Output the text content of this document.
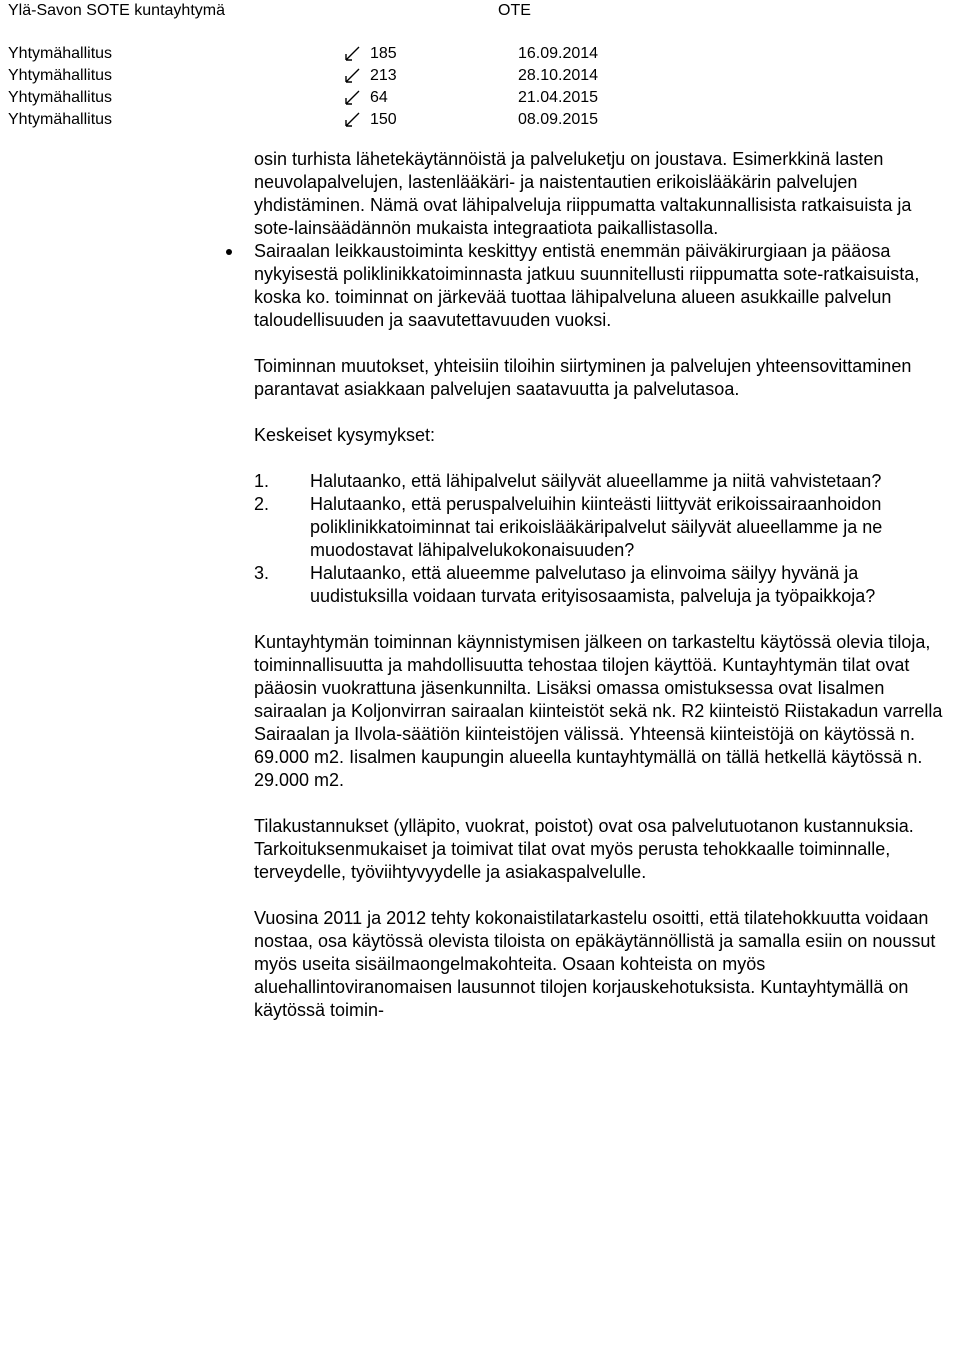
Ylä-Savon SOTE kuntayhtymä	OTE
Yhtymähallitus	185	16.09.2014
Yhtymähallitus	213	28.10.2014
Yhtymähallitus	64	21.04.2015
Yhtymähallitus	150	08.09.2015

osin turhista lähetekäytännöistä ja palveluketju on joustava. Esimerkkinä lasten neuvolapalvelujen, lastenlääkäri- ja naistentautien erikoislääkärin palvelujen yhdistäminen. Nämä ovat lähipalveluja riippumatta valtakunnallisista ratkaisuista ja sote-lainsäädännön mukaista integraatiota paikallistasolla.

Sairaalan leikkaustoiminta keskittyy entistä enemmän päiväkirurgiaan ja pääosa nykyisestä poliklinikkatoiminnasta jatkuu suunnitellusti riippumatta sote-ratkaisuista, koska ko. toiminnat on järkevää tuottaa lähipalveluna alueen asukkaille palvelun taloudellisuuden ja saavutettavuuden vuoksi.

Toiminnan muutokset, yhteisiin tiloihin siirtyminen ja palvelujen yhteensovittaminen parantavat asiakkaan palvelujen saatavuutta ja palvelutasoa.

Keskeiset kysymykset:

1. Halutaanko, että lähipalvelut säilyvät alueellamme ja niitä vahvistetaan?
2. Halutaanko, että peruspalveluihin kiinteästi liittyvät erikoissairaanhoidon poliklinikkatoiminnat tai erikoislääkäripalvelut säilyvät alueellamme ja ne muodostavat lähipalvelukokonaisuuden?
3. Halutaanko, että alueemme palvelutaso ja elinvoima säilyy hyvänä ja uudistuksilla voidaan turvata erityisosaamista, palveluja ja työpaikkoja?

Kuntayhtymän toiminnan käynnistymisen jälkeen on tarkasteltu käytössä olevia tiloja, toiminnallisuutta ja mahdollisuutta tehostaa tilojen käyttöä. Kuntayhtymän tilat ovat pääosin vuokrattuna jäsenkunnilta. Lisäksi omassa omistuksessa ovat Iisalmen sairaalan ja Koljonvirran sairaalan kiinteistöt sekä nk. R2 kiinteistö Riistakadun varrella Sairaalan ja Ilvola-säätiön kiinteistöjen välissä. Yhteensä kiinteistöjä on käytössä n. 69.000 m2. Iisalmen kaupungin alueella kuntayhtymällä on tällä hetkellä käytössä n. 29.000 m2.

Tilakustannukset (ylläpito, vuokrat, poistot) ovat osa palvelutuotanon kustannuksia. Tarkoituksenmukaiset ja toimivat tilat ovat myös perusta tehokkaalle toiminnalle, terveydelle, työviihtyvyydelle ja asiakaspalvelulle.

Vuosina 2011 ja 2012 tehty kokonaistilatarkastelu osoitti, että tilatehokkuutta voidaan nostaa, osa käytössä olevista tiloista on epäkäytännöllistä ja samalla esiin on noussut myös useita sisäilmaongelmakohteita. Osaan kohteista on myös aluehallintoviranomaisen lausunnot tilojen korjauskehotuksista. Kuntayhtymällä on käytössä toimin-
